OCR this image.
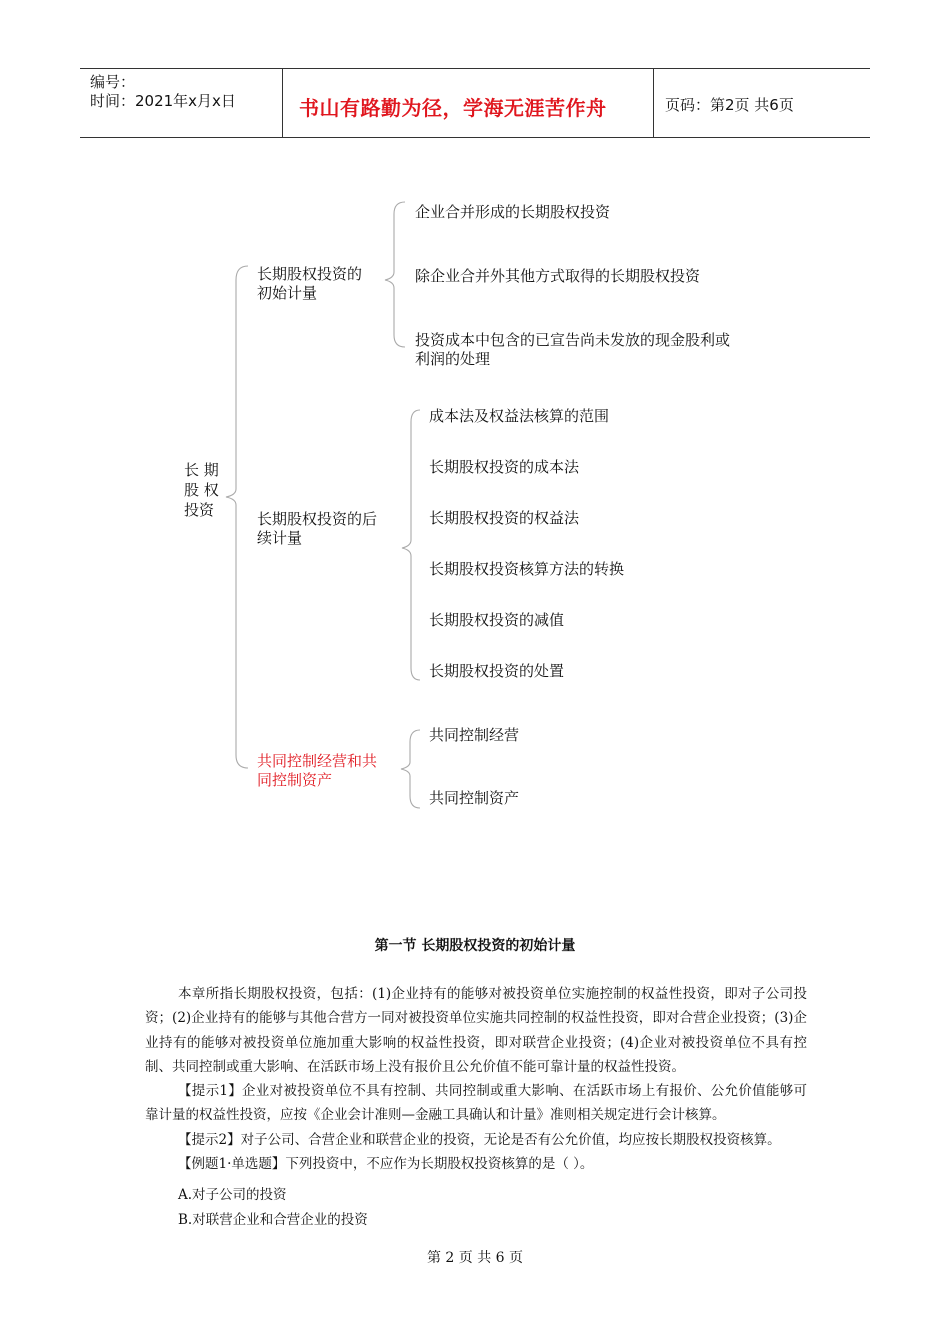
编号：
时间：2021年x月x日	书山有路勤为径，学海无涯苦作舟	页码：第2页 共6页
长 期
股 权
投资
长期股权投资的
初始计量
企业合并形成的长期股权投资
除企业合并外其他方式取得的长期股权投资
投资成本中包含的已宣告尚未发放的现金股利或
利润的处理
长期股权投资的后
续计量
成本法及权益法核算的范围
长期股权投资的成本法
长期股权投资的权益法
长期股权投资核算方法的转换
长期股权投资的减值
长期股权投资的处置
共同控制经营和共
同控制资产
共同控制经营
共同控制资产
第一节 长期股权投资的初始计量
本章所指长期股权投资，包括：(1)企业持有的能够对被投资单位实施控制的权益性投资，即对子公司投资；(2)企业持有的能够与其他合营方一同对被投资单位实施共同控制的权益性投资，即对合营企业投资；(3)企业持有的能够对被投资单位施加重大影响的权益性投资，即对联营企业投资；(4)企业对被投资单位不具有控制、共同控制或重大影响、在活跃市场上没有报价且公允价值不能可靠计量的权益性投资。
【提示1】企业对被投资单位不具有控制、共同控制或重大影响、在活跃市场上有报价、公允价值能够可靠计量的权益性投资，应按《企业会计准则—金融工具确认和计量》准则相关规定进行会计核算。
【提示2】对子公司、合营企业和联营企业的投资，无论是否有公允价值，均应按长期股权投资核算。
【例题1·单选题】下列投资中，不应作为长期股权投资核算的是（ ）。
A.对子公司的投资
B.对联营企业和合营企业的投资
第 2 页 共 6 页
